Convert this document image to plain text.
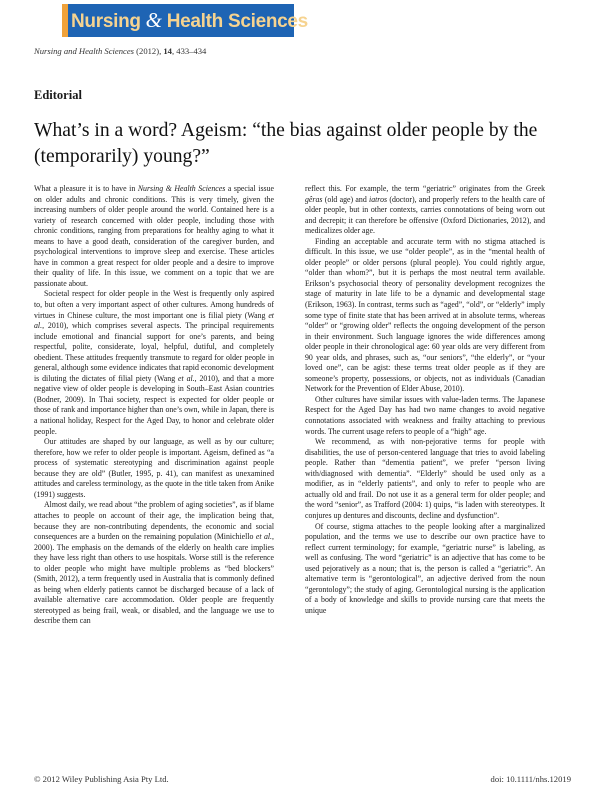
Nursing & Health Sciences
Nursing and Health Sciences (2012), 14, 433–434
Editorial
What’s in a word? Ageism: “the bias against older people by the (temporarily) young?”

What a pleasure it is to have in Nursing & Health Sciences a special issue on older adults and chronic conditions. This is very timely, given the increasing numbers of older people around the world. Contained here is a variety of research concerned with older people, including those with chronic conditions, ranging from preparations for healthy aging to what it means to have a good death, consideration of the caregiver burden, and psychological interventions to improve sleep and exercise. These articles have in common a great respect for older people and a desire to improve their quality of life. In this issue, we comment on a topic that we are passionate about.

Societal respect for older people in the West is frequently only aspired to, but often a very important aspect of other cultures. Among hundreds of virtues in Chinese culture, the most important one is filial piety (Wang et al., 2010), which comprises several aspects. The principal requirements include emotional and financial support for one’s parents, and being respectful, polite, considerate, loyal, helpful, dutiful, and completely obedient. These attitudes frequently transmute to regard for older people in general, although some evidence indicates that rapid economic development is diluting the dictates of filial piety (Wang et al., 2010), and that a more negative view of older people is developing in South–East Asian countries (Bodner, 2009). In Thai society, respect is expected for older people or those of rank and importance higher than one’s own, while in Japan, there is a national holiday, Respect for the Aged Day, to honor and celebrate older people.

Our attitudes are shaped by our language, as well as by our culture; therefore, how we refer to older people is important. Ageism, defined as “a process of systematic stereotyping and discrimination against people because they are old” (Butler, 1995, p. 41), can manifest as unexamined attitudes and careless terminology, as the quote in the title taken from Anike (1991) suggests.

Almost daily, we read about “the problem of aging societies”, as if blame attaches to people on account of their age, the implication being that, because they are non-contributing dependents, the economic and social consequences are a burden on the remaining population (Minichiello et al., 2000). The emphasis on the demands of the elderly on health care implies they have less right than others to use hospitals. Worse still is the reference to older people who might have multiple problems as “bed blockers” (Smith, 2012), a term frequently used in Australia that is commonly defined as being when elderly patients cannot be discharged because of a lack of available alternative care accommodation. Older people are frequently stereotyped as being frail, weak, or disabled, and the language we use to describe them can

reflect this. For example, the term “geriatric” originates from the Greek gêras (old age) and iatros (doctor), and properly refers to the health care of older people, but in other contexts, carries connotations of being worn out and decrepit; it can therefore be offensive (Oxford Dictionaries, 2012), and medicalizes older age.

Finding an acceptable and accurate term with no stigma attached is difficult. In this issue, we use “older people”, as in the “mental health of older people” or older persons (plural people). You could rightly argue, “older than whom?”, but it is perhaps the most neutral term available. Erikson’s psychosocial theory of personality development recognizes the stage of maturity in late life to be a dynamic and developmental stage (Erikson, 1963). In contrast, terms such as “aged”, “old”, or “elderly” imply some type of finite state that has been arrived at in absolute terms, whereas “older” or “growing older” reflects the ongoing development of the person in their environment. Such language ignores the wide differences among older people in their chronological age: 60 year olds are very different from 90 year olds, and phrases, such as, “our seniors”, “the elderly”, or “your loved one”, can be agist: these terms treat older people as if they are someone’s property, possessions, or objects, not as individuals (Canadian Network for the Prevention of Elder Abuse, 2010).

Other cultures have similar issues with value-laden terms. The Japanese Respect for the Aged Day has had two name changes to avoid negative connotations associated with weakness and frailty attaching to previous words. The current usage refers to people of a “high” age.

We recommend, as with non-pejorative terms for people with disabilities, the use of person-centered language that tries to avoid labeling people. Rather than “dementia patient”, we prefer “person living with/diagnosed with dementia”. “Elderly” should be used only as a modifier, as in “elderly patients”, and only to refer to people who are actually old and frail. Do not use it as a general term for older people; and the word “senior”, as Trafford (2004: 1) quips, “is laden with stereotypes. It conjures up dentures and discounts, decline and dysfunction”.

Of course, stigma attaches to the people looking after a marginalized population, and the terms we use to describe our own practice have to reflect current terminology; for example, “geriatric nurse” is labeling, as well as confusing. The word “geriatric” is an adjective that has come to be used pejoratively as a noun; that is, the person is called a “geriatric”. An alternative term is “gerontological”, an adjective derived from the noun “gerontology”; the study of aging. Gerontological nursing is the application of a body of knowledge and skills to provide nursing care that meets the unique

© 2012 Wiley Publishing Asia Pty Ltd.	doi: 10.1111/nhs.12019
